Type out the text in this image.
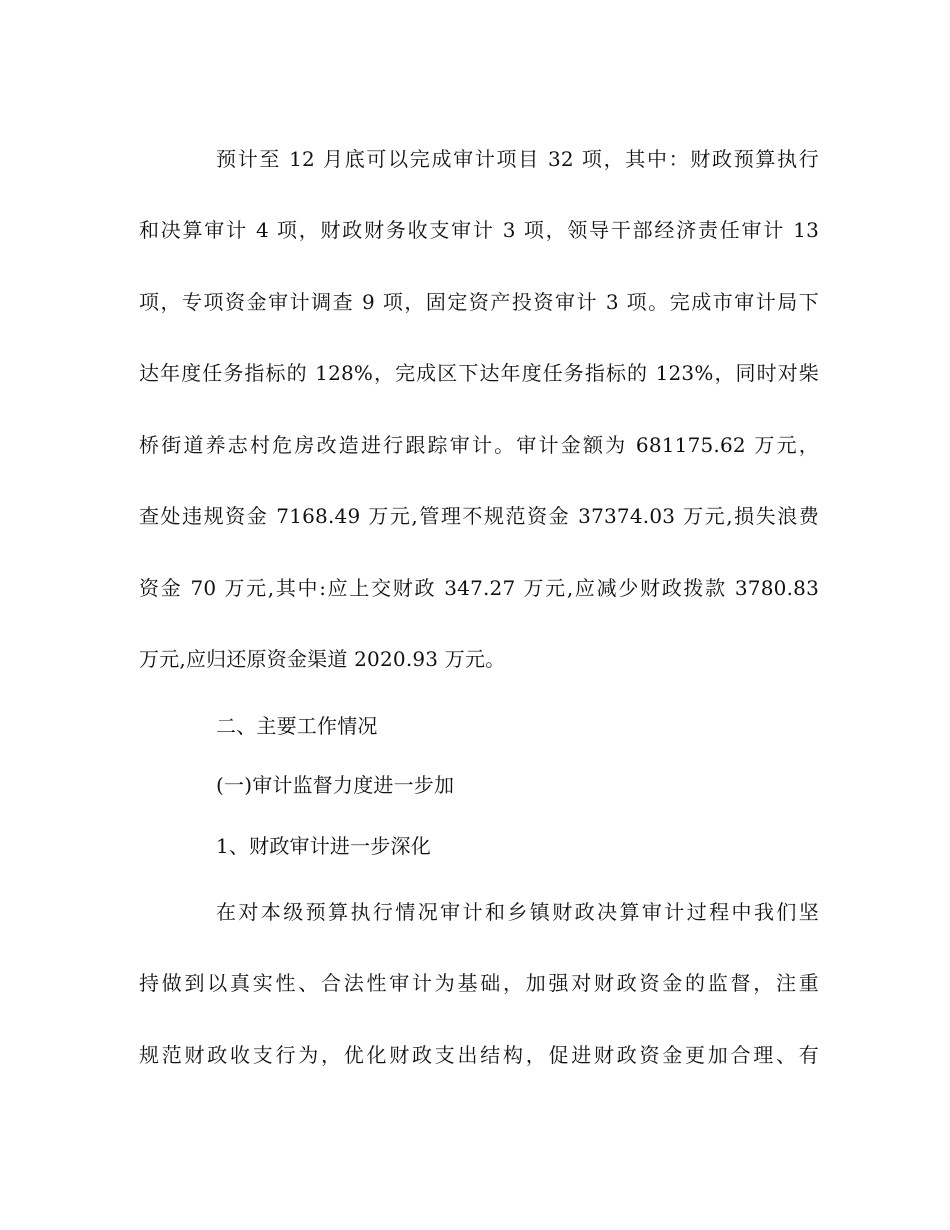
预计至 12 月底可以完成审计项目 32 项，其中：财政预算执行
和决算审计 4 项，财政财务收支审计 3 项，领导干部经济责任审计 13
项，专项资金审计调查 9 项，固定资产投资审计 3 项。完成市审计局下
达年度任务指标的 128%，完成区下达年度任务指标的 123%，同时对柴
桥街道养志村危房改造进行跟踪审计。审计金额为 681175.62 万元，
查处违规资金 7168.49 万元,管理不规范资金 37374.03 万元,损失浪费
资金 70 万元,其中:应上交财政 347.27 万元,应减少财政拨款 3780.83
万元,应归还原资金渠道 2020.93 万元。
二、主要工作情况
(一)审计监督力度进一步加
1、财政审计进一步深化
在对本级预算执行情况审计和乡镇财政决算审计过程中我们坚
持做到以真实性、合法性审计为基础，加强对财政资金的监督，注重
规范财政收支行为，优化财政支出结构，促进财政资金更加合理、有
